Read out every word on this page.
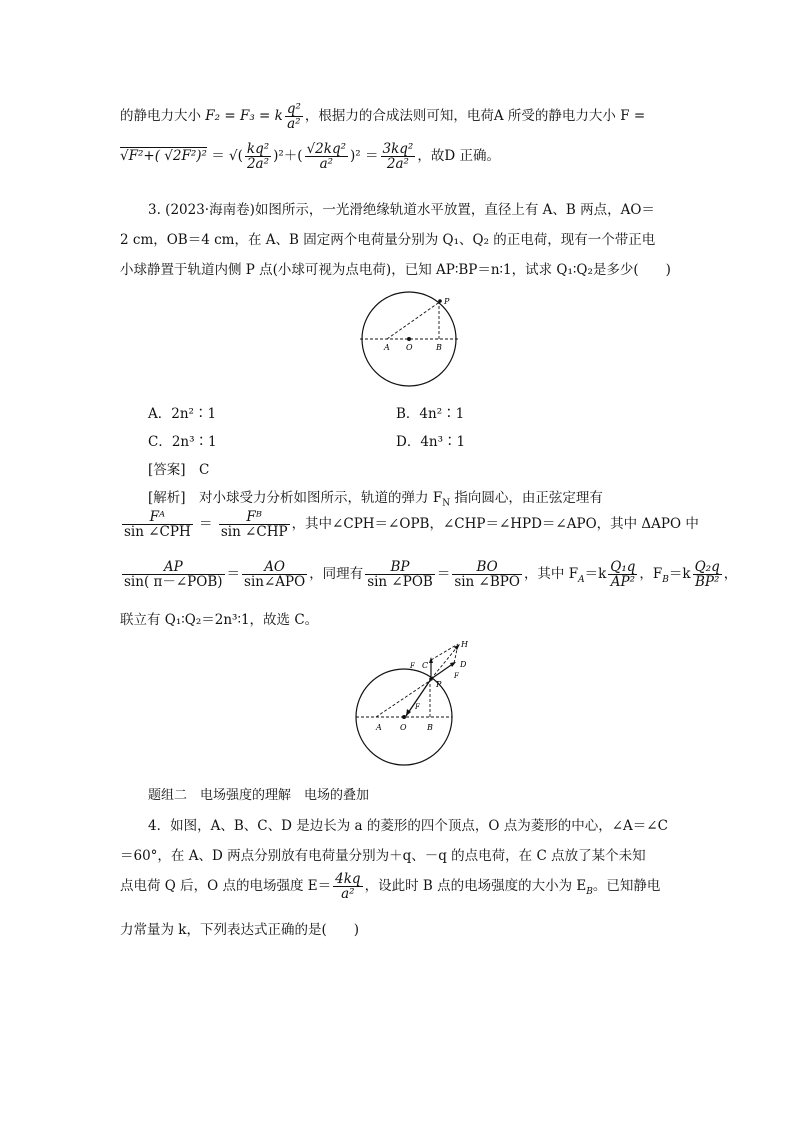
的静电力大小 F₂ = F₃ = k $\frac{\text{q²}}{\text{a²}}$ ，根据力的合成法则可知，电荷A 所受的静电力大小 F =
√F²+( √2F²)² ＝ √( $\frac{\text{kq²}}{\text{2a²}} )^2+( \frac{\text{√2kq²}}{\text{a²}} )^2 = \frac{\text{3kq²}}{\text{2a²}}$ ，故D 正确。
3. (2023·海南卷)如图所示，一光滑绝缘轨道水平放置，直径上有 A、B 两点，AO＝
2 cm，OB＝4 cm，在 A、B 固定两个电荷量分别为 Q₁、Q₂ 的正电荷，现有一个带正电
小球静置于轨道内侧 P 点(小球可视为点电荷)，已知 AP∶BP＝n∶1，试求 Q₁∶Q₂是多少(　　)
P
A O	B
A．2n²∶1	B．4n²∶1
C．2n³∶1	D．4n³∶1
[答案]　C
[解析]　对小球受力分析如图所示，轨道的弹力 $F_N$ 指向圆心，由正弦定理有
$\frac{\text{Fᴬ}}{\text{sin ∠CPH}} = \frac{\text{Fᴮ}}{\text{sin ∠CHP}}$ ，其中∠CPH＝∠OPB，∠CHP＝∠HPD＝∠APO，其中 ΔAPO 中
$\frac{AP}{\text{sin( π－∠POB)}} = \frac{AO}{\text{sin∠APO}}$ ，同理有 $\frac{BP}{\text{sin ∠POB}} = \frac{BO}{\text{sin ∠BPO}}$ ，其中 $F_A=k \frac{\text{Q₁q}}{\text{AP²}}$ ，$F_B=k \frac{\text{Q₂q}}{\text{BP²}}$ ，
联立有 Q₁∶Q₂＝2n³∶1，故选 C。
H
F C	D
F
P
F
A O	B
题组二　电场强度的理解　电场的叠加
4．如图，A、B、C、D 是边长为 a 的菱形的四个顶点，O 点为菱形的中心，∠A＝∠C
＝60°，在 A、D 两点分别放有电荷量分别为＋q、－q 的点电荷，在 C 点放了某个未知
点电荷 Q 后，O 点的电场强度 $E= \frac{4kq}{\text{a²}}$ ，设此时 B 点的电场强度的大小为 $E_B$。已知静电
力常量为 k，下列表达式正确的是(　　)
